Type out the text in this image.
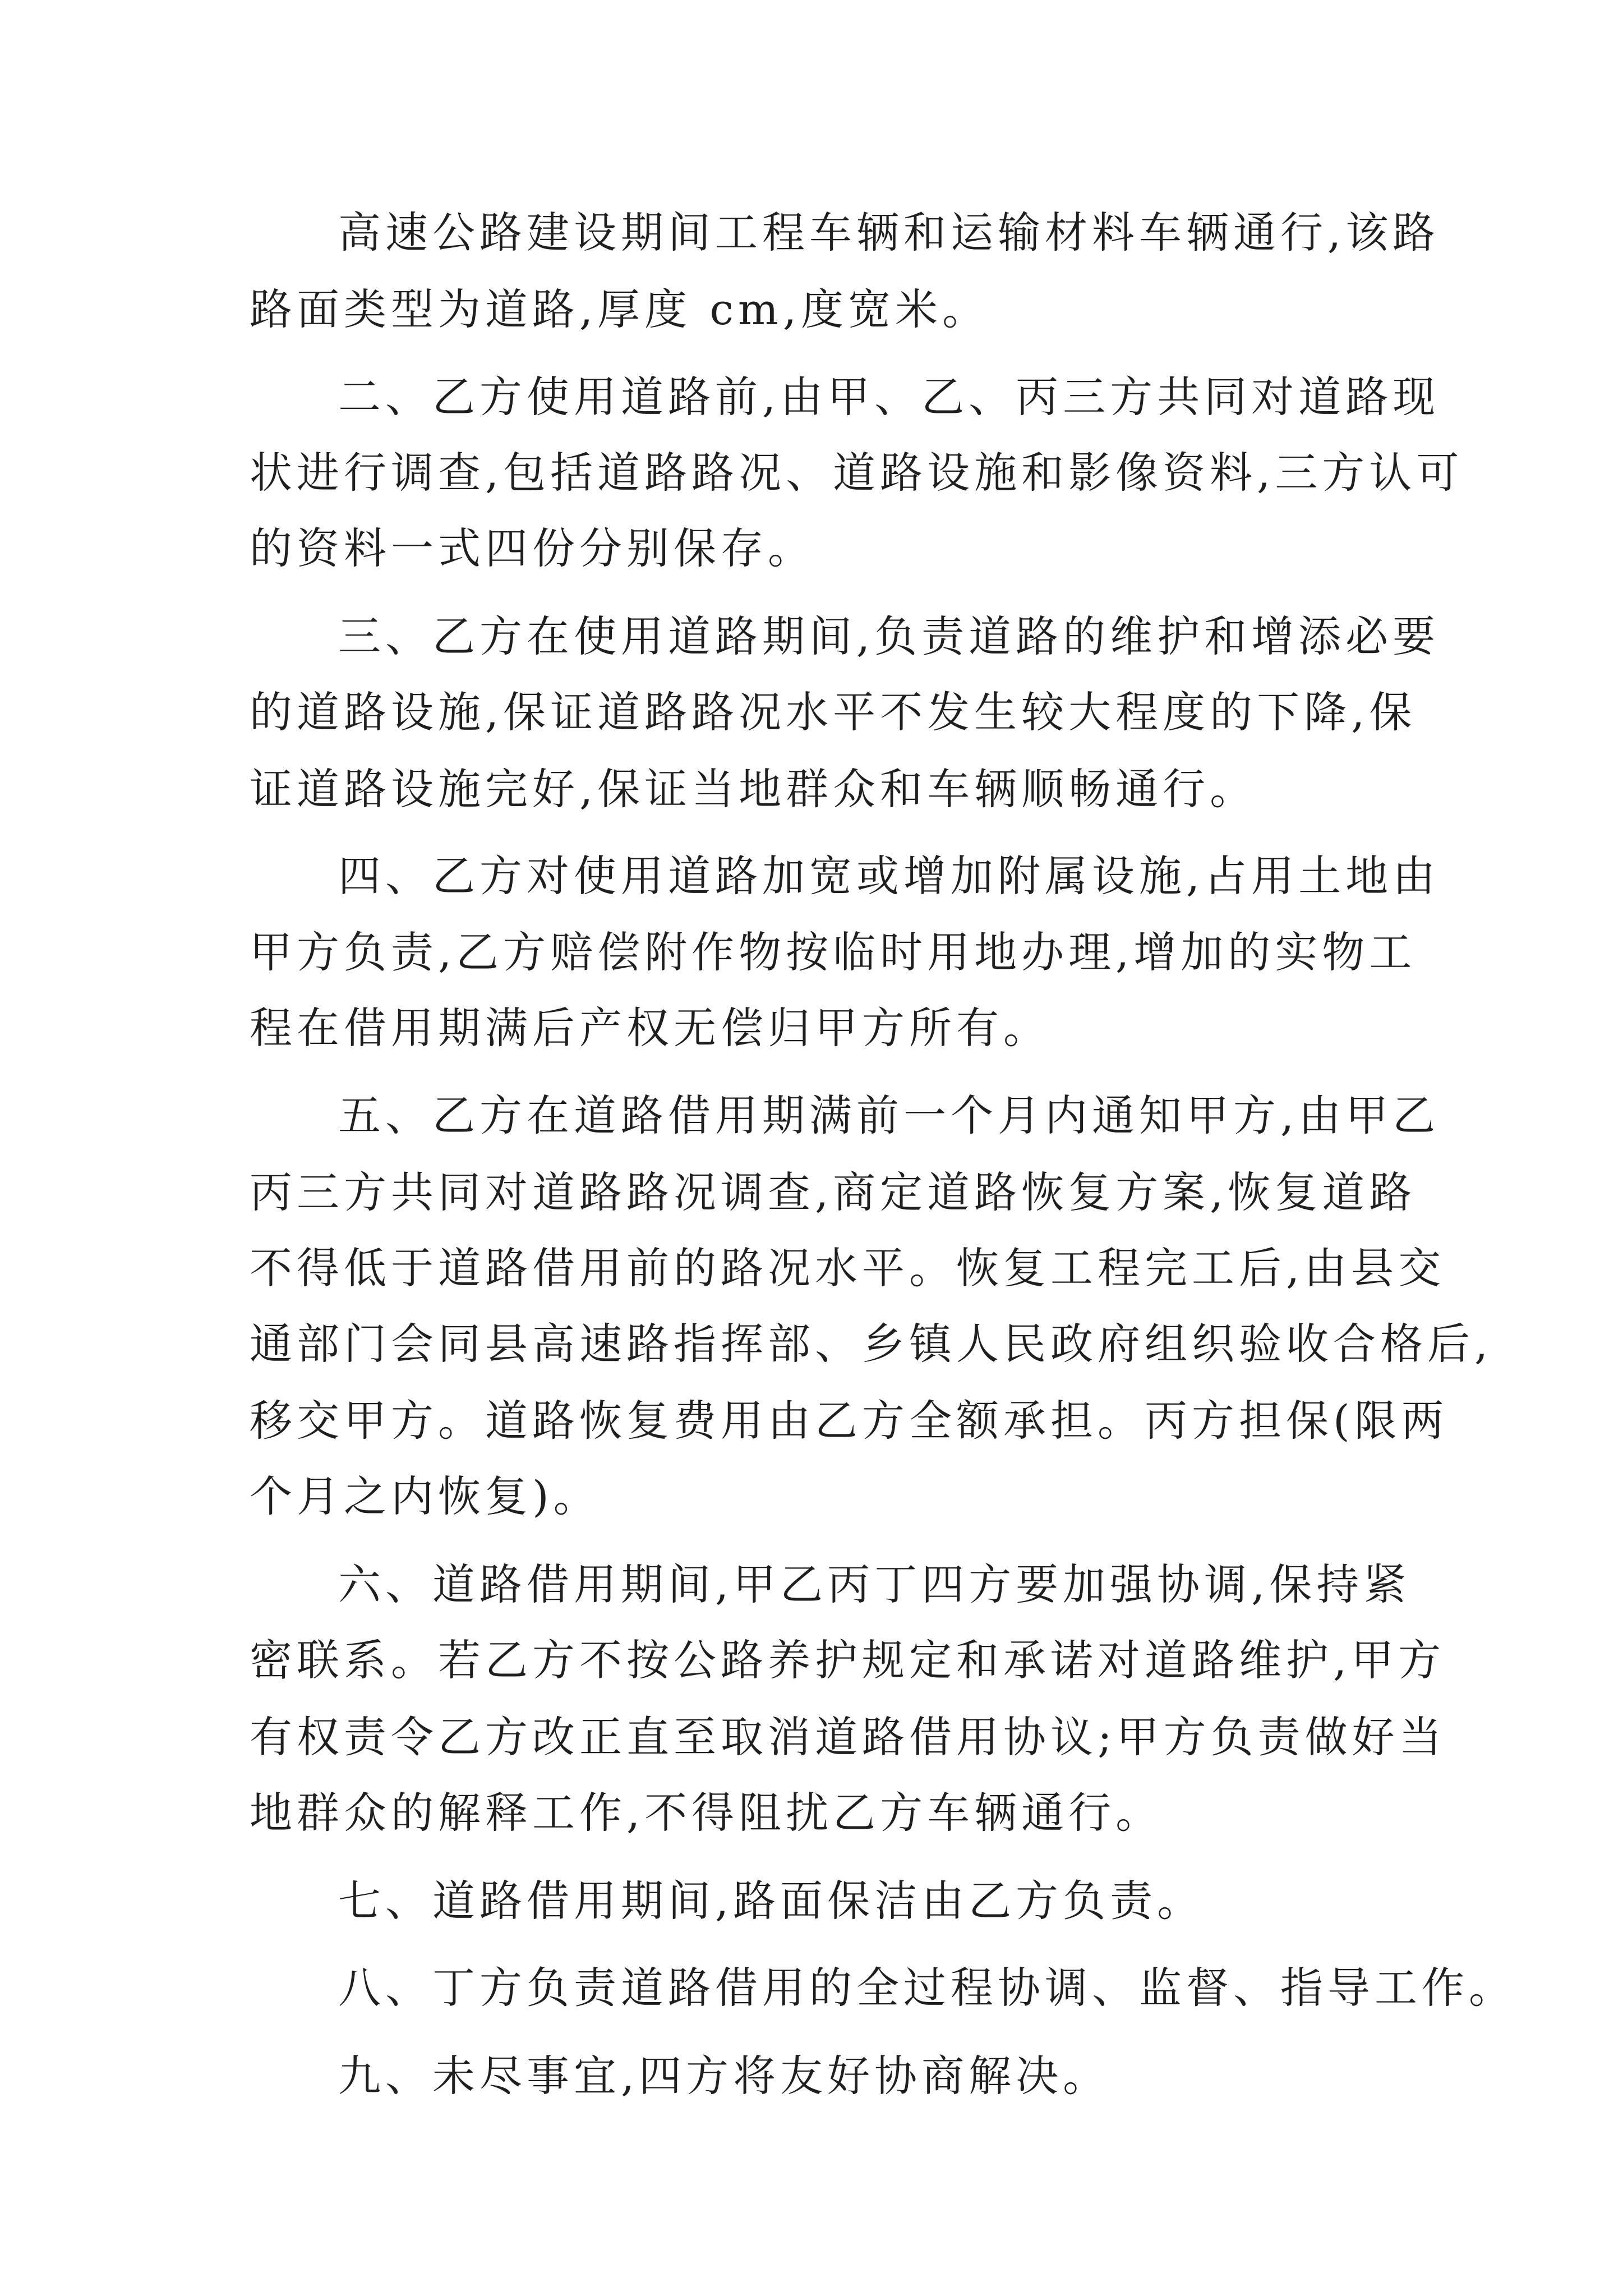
高速公路建设期间工程车辆和运输材料车辆通行,该路
路面类型为道路,厚度 cm,度宽米。
二、乙方使用道路前,由甲、乙、丙三方共同对道路现
状进行调查,包括道路路况、道路设施和影像资料,三方认可
的资料一式四份分别保存。
三、乙方在使用道路期间,负责道路的维护和增添必要
的道路设施,保证道路路况水平不发生较大程度的下降,保
证道路设施完好,保证当地群众和车辆顺畅通行。
四、乙方对使用道路加宽或增加附属设施,占用土地由
甲方负责,乙方赔偿附作物按临时用地办理,增加的实物工
程在借用期满后产权无偿归甲方所有。
五、乙方在道路借用期满前一个月内通知甲方,由甲乙
丙三方共同对道路路况调查,商定道路恢复方案,恢复道路
不得低于道路借用前的路况水平。恢复工程完工后,由县交
通部门会同县高速路指挥部、乡镇人民政府组织验收合格后,
移交甲方。道路恢复费用由乙方全额承担。丙方担保(限两
个月之内恢复)。
六、道路借用期间,甲乙丙丁四方要加强协调,保持紧
密联系。若乙方不按公路养护规定和承诺对道路维护,甲方
有权责令乙方改正直至取消道路借用协议;甲方负责做好当
地群众的解释工作,不得阻扰乙方车辆通行。
七、道路借用期间,路面保洁由乙方负责。
八、丁方负责道路借用的全过程协调、监督、指导工作。
九、未尽事宜,四方将友好协商解决。
